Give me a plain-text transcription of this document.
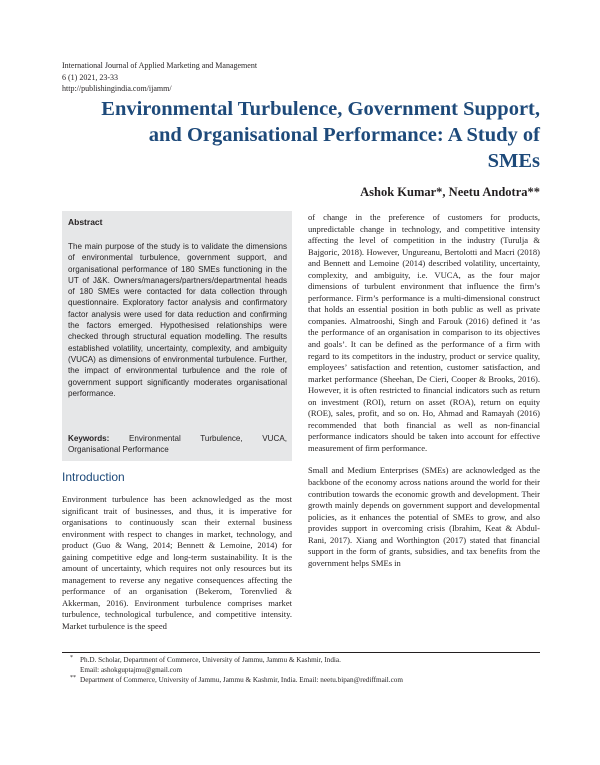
International Journal of Applied Marketing and Management
6 (1) 2021, 23-33
http://publishingindia.com/ijamm/
Environmental Turbulence, Government Support,
and Organisational Performance: A Study of
SMEs
Ashok Kumar*, Neetu Andotra**
Abstract
The main purpose of the study is to validate the dimensions of environmental turbulence, government support, and organisational performance of 180 SMEs functioning in the UT of J&K. Owners/managers/partners/departmental heads of 180 SMEs were contacted for data collection through questionnaire. Exploratory factor analysis and confirmatory factor analysis were used for data reduction and confirming the factors emerged. Hypothesised relationships were checked through structural equation modelling. The results established volatility, uncertainty, complexity, and ambiguity (VUCA) as dimensions of environmental turbulence. Further, the impact of environmental turbulence and the role of government support significantly moderates organisational performance.
Keywords: Environmental Turbulence, VUCA, Organisational Performance
Introduction

Environment turbulence has been acknowledged as the most significant trait of businesses, and thus, it is imperative for organisations to continuously scan their external business environment with respect to changes in market, technology, and product (Guo & Wang, 2014; Bennett & Lemoine, 2014) for gaining competitive edge and long-term sustainability. It is the amount of uncertainty, which requires not only resources but its management to reverse any negative consequences affecting the performance of an organisation (Bekerom, Torenvlied & Akkerman, 2016). Environment turbulence comprises market turbulence, technological turbulence, and competitive intensity. Market turbulence is the speed

of change in the preference of customers for products, unpredictable change in technology, and competitive intensity affecting the level of competition in the industry (Turulja & Bajgoric, 2018). However, Ungureanu, Bertolotti and Macri (2018) and Bennett and Lemoine (2014) described volatility, uncertainty, complexity, and ambiguity, i.e. VUCA, as the four major dimensions of turbulent environment that influence the firm’s performance. Firm’s performance is a multi-dimensional construct that holds an essential position in both public as well as private companies. Almatrooshi, Singh and Farouk (2016) defined it ‘as the performance of an organisation in comparison to its objectives and goals’. It can be defined as the performance of a firm with regard to its competitors in the industry, product or service quality, employees’ satisfaction and retention, customer satisfaction, and market performance (Sheehan, De Cieri, Cooper & Brooks, 2016). However, it is often restricted to financial indicators such as return on investment (ROI), return on asset (ROA), return on equity (ROE), sales, profit, and so on. Ho, Ahmad and Ramayah (2016) recommended that both financial as well as non-financial performance indicators should be taken into account for effective measurement of firm performance.

Small and Medium Enterprises (SMEs) are acknowledged as the backbone of the economy across nations around the world for their contribution towards the economic growth and development. Their growth mainly depends on government support and developmental policies, as it enhances the potential of SMEs to grow, and also provides support in overcoming crisis (Ibrahim, Keat & Abdul-Rani, 2017). Xiang and Worthington (2017) stated that financial support in the form of grants, subsidies, and tax benefits from the government helps SMEs in

* Ph.D. Scholar, Department of Commerce, University of Jammu, Jammu & Kashmir, India.
Email: ashokguptajmu@gmail.com
** Department of Commerce, University of Jammu, Jammu & Kashmir, India. Email: neetu.bipan@rediffmail.com
